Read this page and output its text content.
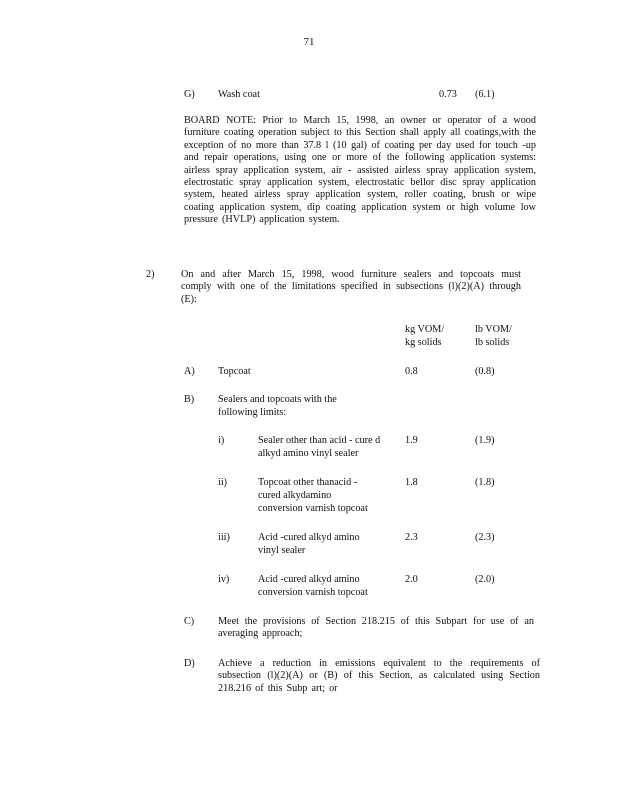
71
G) Wash coat	0.73 (6.1)
BOARD NOTE: Prior to March 15, 1998, an owner or operator of a wood furniture coating operation subject to this Section shall apply all coatings,with the exception of no more than 37.8 l (10 gal) of coating per day used for touch -up and repair operations, using one or more of the following application systems: airless spray application system, air - assisted airless spray application system, electrostatic spray application system, electrostatic bellor disc spray application system, heated airless spray application system, roller coating, brush or wipe coating application system, dip coating application system or high volume low pressure (HVLP) application system.
2)	On and after March 15, 1998, wood furniture sealers and topcoats must comply with one of the limitations specified in subsections (l)(2)(A) through (E):
kg VOM/
kg solids
lb VOM/
lb solids
A) Topcoat	0.8	(0.8)
B) Sealers and topcoats with the
following limits:
i)	Sealer other than acid - cure d
alkyd amino vinyl sealer
1.9	(1.9)
ii)	Topcoat other thanacid -
cured alkydamino
conversion varnish topcoat
1.8	(1.8)
iii)	Acid -cured alkyd amino
vinyl sealer
2.3	(2.3)
iv)	Acid -cured alkyd amino
conversion varnish topcoat
2.0	(2.0)
C) Meet the provisions of Section 218.215 of this Subpart for use of an averaging approach;
D) Achieve a reduction in emissions equivalent to the requirements of subsection (l)(2)(A) or (B) of this Section, as calculated using Section 218.216 of this Subp art; or
